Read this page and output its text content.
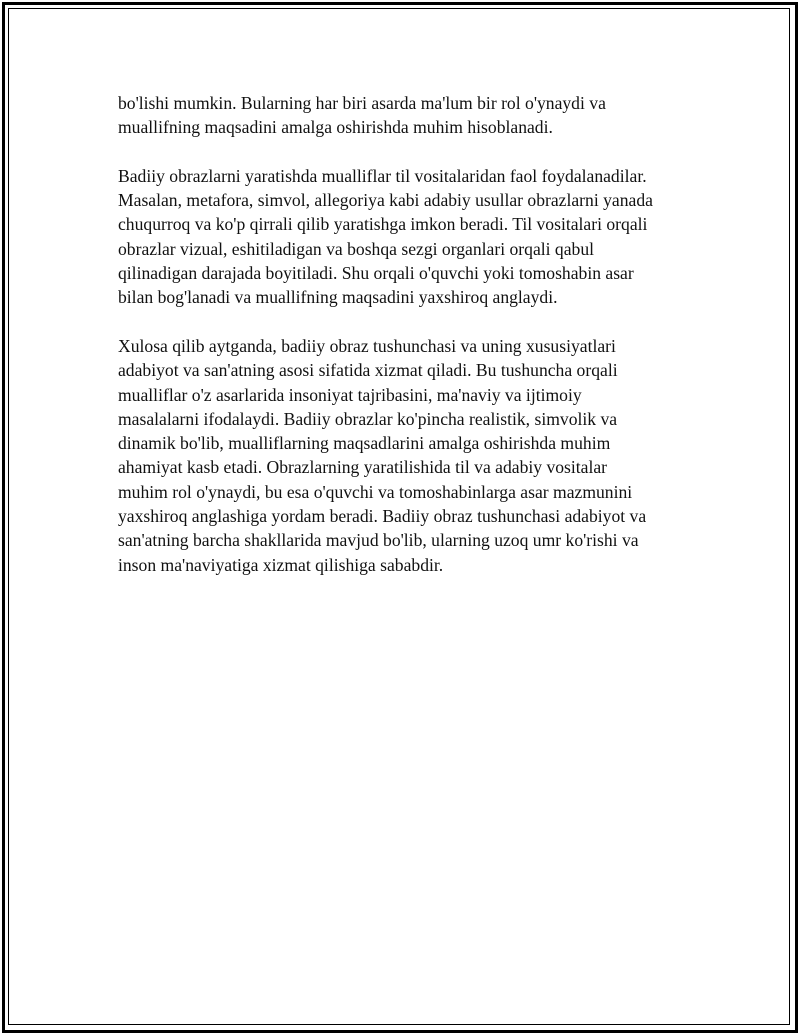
bo'lishi mumkin. Bularning har biri asarda ma'lum bir rol o'ynaydi va
muallifning maqsadini amalga oshirishda muhim hisoblanadi.

Badiiy obrazlarni yaratishda mualliflar til vositalaridan faol foydalanadilar.
Masalan, metafora, simvol, allegoriya kabi adabiy usullar obrazlarni yanada
chuqurroq va ko'p qirrali qilib yaratishga imkon beradi. Til vositalari orqali
obrazlar vizual, eshitiladigan va boshqa sezgi organlari orqali qabul
qilinadigan darajada boyitiladi. Shu orqali o'quvchi yoki tomoshabin asar
bilan bog'lanadi va muallifning maqsadini yaxshiroq anglaydi.

Xulosa qilib aytganda, badiiy obraz tushunchasi va uning xususiyatlari
adabiyot va san'atning asosi sifatida xizmat qiladi. Bu tushuncha orqali
mualliflar o'z asarlarida insoniyat tajribasini, ma'naviy va ijtimoiy
masalalarni ifodalaydi. Badiiy obrazlar ko'pincha realistik, simvolik va
dinamik bo'lib, mualliflarning maqsadlarini amalga oshirishda muhim
ahamiyat kasb etadi. Obrazlarning yaratilishida til va adabiy vositalar
muhim rol o'ynaydi, bu esa o'quvchi va tomoshabinlarga asar mazmunini
yaxshiroq anglashiga yordam beradi. Badiiy obraz tushunchasi adabiyot va
san'atning barcha shakllarida mavjud bo'lib, ularning uzoq umr ko'rishi va
inson ma'naviyatiga xizmat qilishiga sababdir.
